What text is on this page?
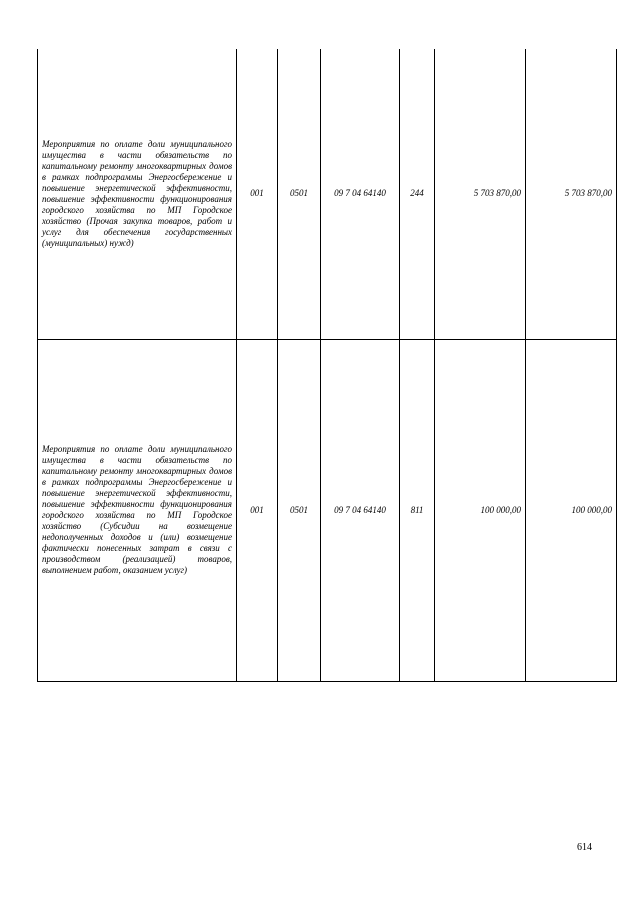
Мероприятия по оплате доли муниципального имущества в части обязательств по капитальному ремонту многоквартирных домов в рамках подпрограммы Энергосбережение и повышение энергетической эффективности, повышение эффективности функционирования городского хозяйства по МП Городское хозяйство (Прочая закупка товаров, работ и услуг для обеспечения государственных (муниципальных) нужд)	001	0501	09 7 04 64140	244	5 703 870,00	5 703 870,00
Мероприятия по оплате доли муниципального имущества в части обязательств по капитальному ремонту многоквартирных домов в рамках подпрограммы Энергосбережение и повышение энергетической эффективности, повышение эффективности функционирования городского хозяйства по МП Городское хозяйство (Субсидии на возмещение недополученных доходов и (или) возмещение фактически понесенных затрат в связи с производством (реализацией) товаров, выполнением работ, оказанием услуг)	001	0501	09 7 04 64140	811	100 000,00	100 000,00
614
